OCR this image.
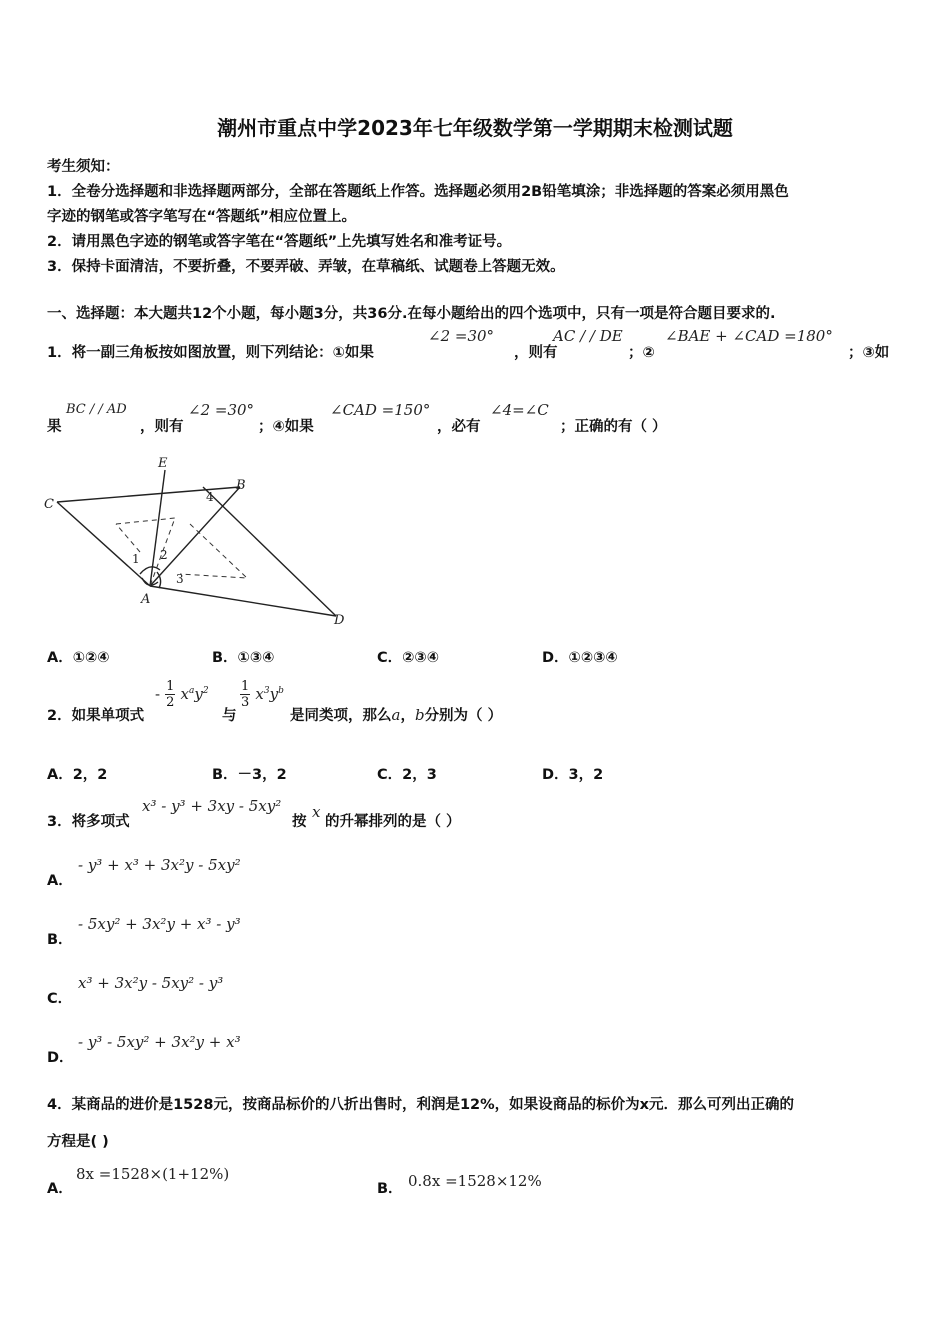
潮州市重点中学2023年七年级数学第一学期期末检测试题
考生须知：
1．全卷分选择题和非选择题两部分，全部在答题纸上作答。选择题必须用2B铅笔填涂；非选择题的答案必须用黑色
字迹的钢笔或答字笔写在“答题纸”相应位置上。
2．请用黑色字迹的钢笔或答字笔在“答题纸”上先填写姓名和准考证号。
3．保持卡面清洁，不要折叠，不要弄破、弄皱，在草稿纸、试题卷上答题无效。
一、选择题：本大题共12个小题，每小题3分，共36分.在每小题给出的四个选项中，只有一项是符合题目要求的.
1．将一副三角板按如图放置，则下列结论：①如果
∠2 =30°
，则有
AC / / DE
；②
∠BAE + ∠CAD =180°
；③如
果
BC / / AD
，则有
∠2 =30°
；④如果
∠CAD =150°
，必有
∠4=∠C
；正确的有（ ）
E
B
C
A
D
1 2
3
4
A．①②④	B．①③④	C．②③④	D．①②③④
2．如果单项式
- $\frac{1}{2} x^ay^2$
与
$\frac{1}{3} x^3y^b$
是同类项，那么a，b分别为（ ）
A．2，2	B．－3，2	C．2，3	D．3，2
3．将多项式
x³ - y³ + 3xy - 5xy²
按
x
的升幂排列的是（ ）
A．
- y³ + x³ + 3x²y - 5xy²
B．
- 5xy² + 3x²y + x³ - y³
C．
x³ + 3x²y - 5xy² - y³
D．
- y³ - 5xy² + 3x²y + x³
4．某商品的进价是1528元，按商品标价的八折出售时，利润是12%，如果设商品的标价为x元．那么可列出正确的
方程是( )
A．
8x =1528×(1+12%)
B． 0.8x =1528×12%
